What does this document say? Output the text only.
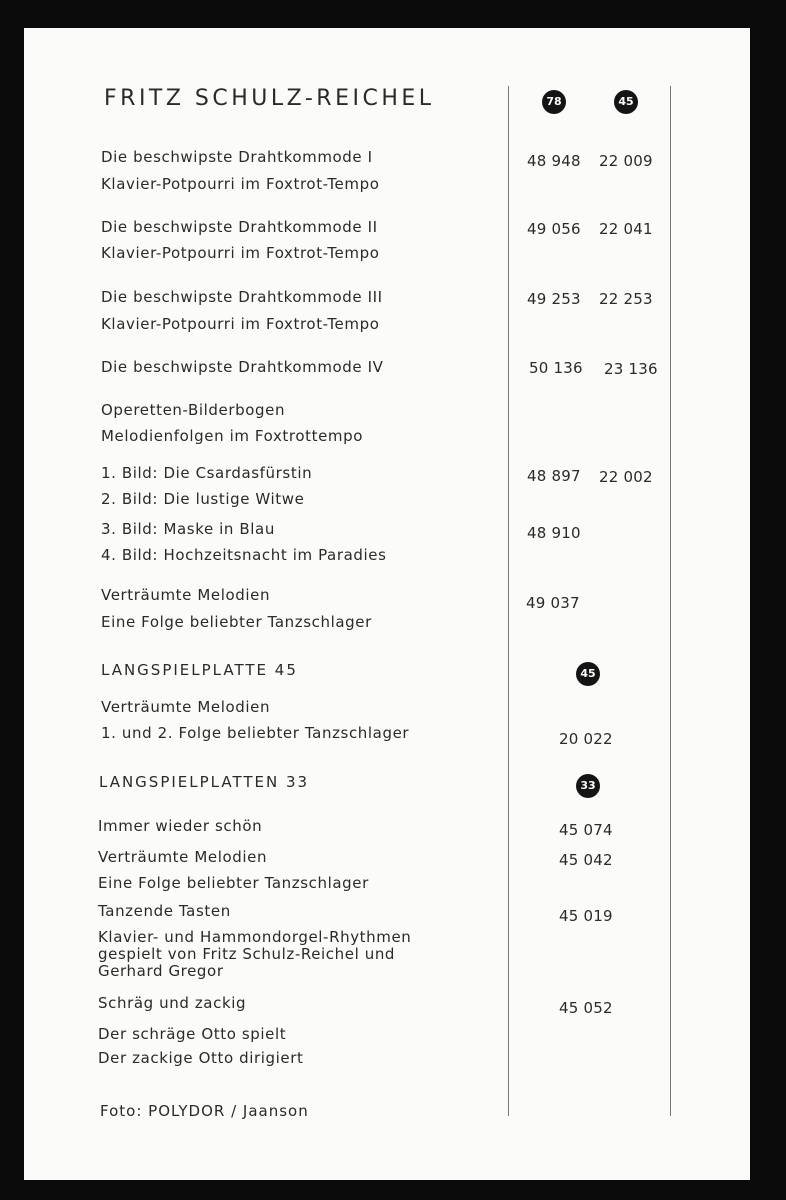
FRITZ SCHULZ-REICHEL	78	45
Die beschwipste Drahtkommode I
Klavier-Potpourri im Foxtrot-Tempo
48 948 22 009
Die beschwipste Drahtkommode II
Klavier-Potpourri im Foxtrot-Tempo
49 056 22 041
Die beschwipste Drahtkommode III
Klavier-Potpourri im Foxtrot-Tempo
49 253 22 253
Die beschwipste Drahtkommode IV	50 136 23 136
Operetten-Bilderbogen
Melodienfolgen im Foxtrottempo
1. Bild: Die Csardasfürstin
2. Bild: Die lustige Witwe
48 897 22 002
3. Bild: Maske in Blau
4. Bild: Hochzeitsnacht im Paradies
48 910
Verträumte Melodien
Eine Folge beliebter Tanzschlager
49 037
LANGSPIELPLATTE 45	45
Verträumte Melodien
1. und 2. Folge beliebter Tanzschlager	20 022
LANGSPIELPLATTEN 33	33
Immer wieder schön	45 074
Verträumte Melodien
Eine Folge beliebter Tanzschlager
45 042
Tanzende Tasten
Klavier- und Hammondorgel-Rhythmen
gespielt von Fritz Schulz-Reichel und
Gerhard Gregor
45 019
Schräg und zackig
Der schräge Otto spielt
Der zackige Otto dirigiert
45 052
Foto: POLYDOR / Jaanson
